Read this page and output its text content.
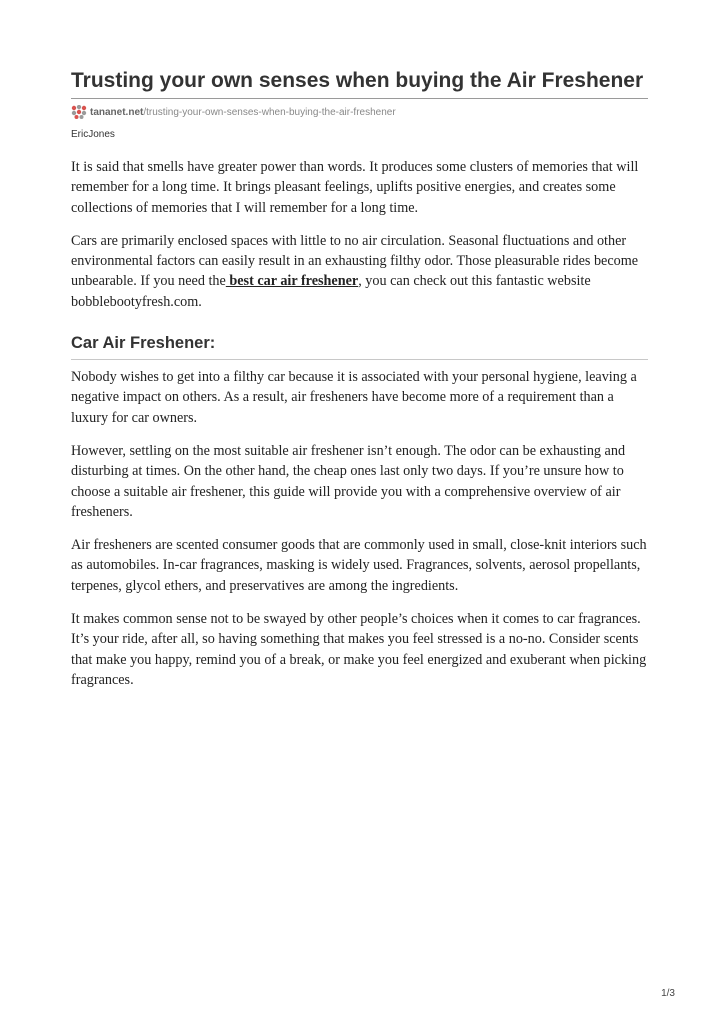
Trusting your own senses when buying the Air Freshener
tananet.net /trusting-your-own-senses-when-buying-the-air-freshener
EricJones

It is said that smells have greater power than words. It produces some clusters of memories that will remember for a long time. It brings pleasant feelings, uplifts positive energies, and creates some collections of memories that I will remember for a long time.

Cars are primarily enclosed spaces with little to no air circulation. Seasonal fluctuations and other environmental factors can easily result in an exhausting filthy odor. Those pleasurable rides become unbearable. If you need the best car air freshener, you can check out this fantastic website bobblebootyfresh.com.

Car Air Freshener:

Nobody wishes to get into a filthy car because it is associated with your personal hygiene, leaving a negative impact on others. As a result, air fresheners have become more of a requirement than a luxury for car owners.

However, settling on the most suitable air freshener isn’t enough. The odor can be exhausting and disturbing at times. On the other hand, the cheap ones last only two days. If you’re unsure how to choose a suitable air freshener, this guide will provide you with a comprehensive overview of air fresheners.

Air fresheners are scented consumer goods that are commonly used in small, close-knit interiors such as automobiles. In-car fragrances, masking is widely used. Fragrances, solvents, aerosol propellants, terpenes, glycol ethers, and preservatives are among the ingredients.

It makes common sense not to be swayed by other people’s choices when it comes to car fragrances. It’s your ride, after all, so having something that makes you feel stressed is a no-no. Consider scents that make you happy, remind you of a break, or make you feel energized and exuberant when picking fragrances.

1/3
